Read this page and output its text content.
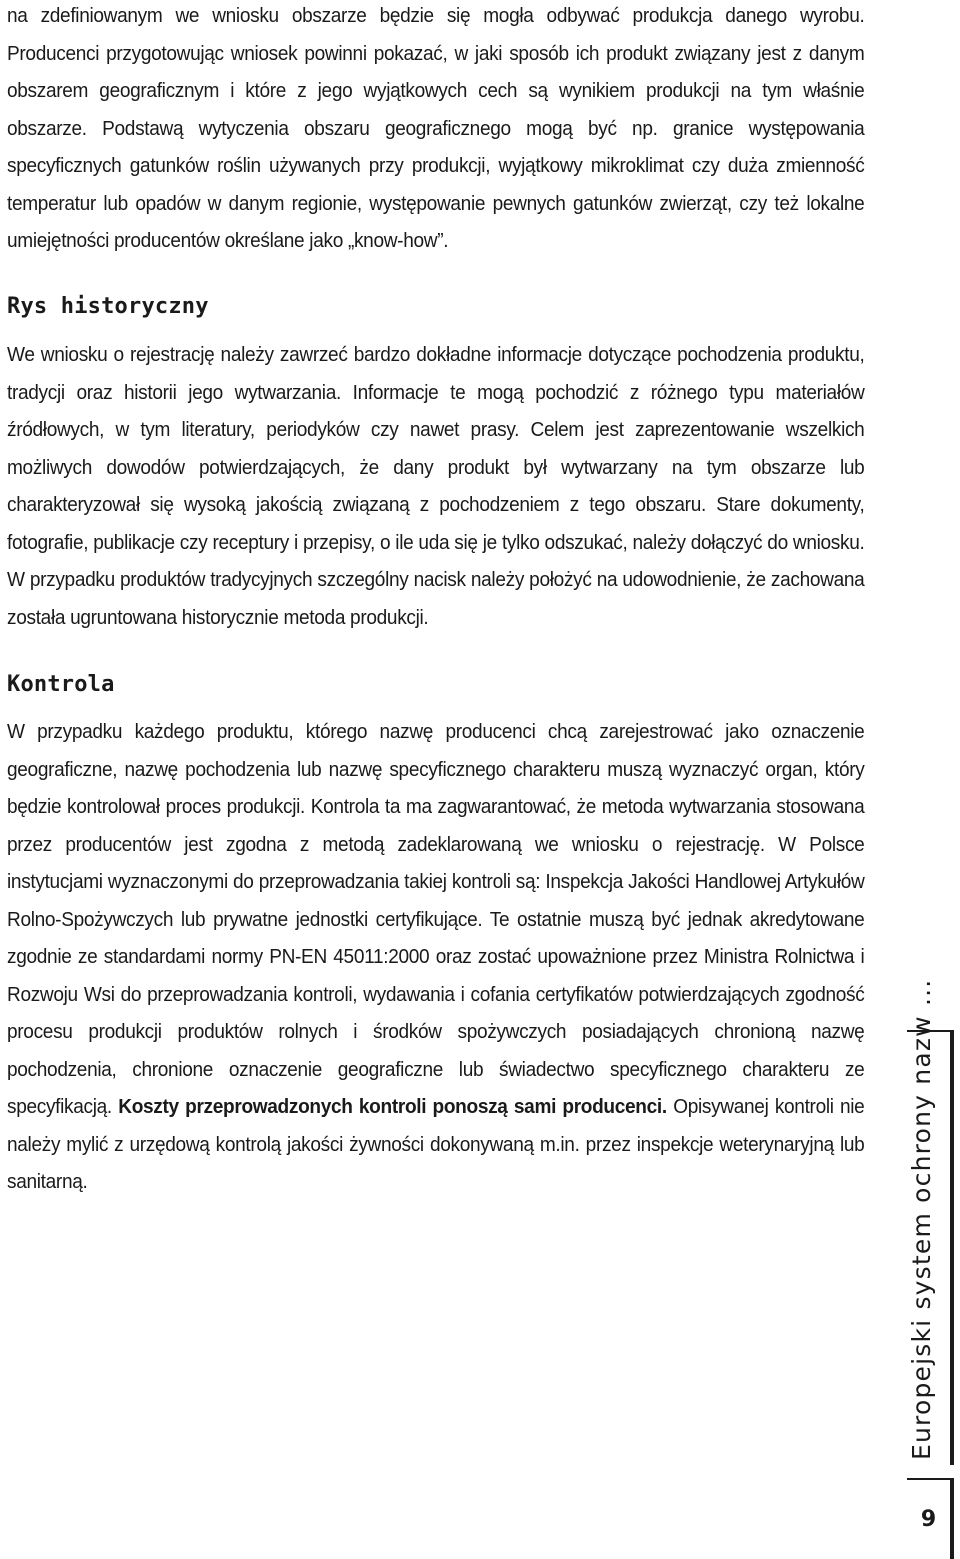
na zdefiniowanym we wniosku obszarze będzie się mogła odbywać produkcja danego wyrobu. Producenci przygotowując wniosek powinni pokazać, w jaki sposób ich produkt związany jest z danym obszarem geograficznym i które z jego wyjątkowych cech są wynikiem produkcji na tym właśnie obszarze. Podstawą wytyczenia obszaru geograficznego mogą być np. granice występowania specyficznych gatunków roślin używanych przy produkcji, wyjątkowy mikroklimat czy duża zmienność temperatur lub opadów w danym regionie, występowanie pewnych gatunków zwierząt, czy też lokalne umiejętności producentów określane jako „know-how”.

Rys historyczny

We wniosku o rejestrację należy zawrzeć bardzo dokładne informacje dotyczące pochodzenia produktu, tradycji oraz historii jego wytwarzania. Informacje te mogą pochodzić z różnego typu materiałów źródłowych, w tym literatury, periodyków czy nawet prasy. Celem jest zaprezentowanie wszelkich możliwych dowodów potwierdzających, że dany produkt był wytwarzany na tym obszarze lub charakteryzował się wysoką jakością związaną z pochodzeniem z tego obszaru. Stare dokumenty, fotografie, publikacje czy receptury i przepisy, o ile uda się je tylko odszukać, należy dołączyć do wniosku. W przypadku produktów tradycyjnych szczególny nacisk należy położyć na udowodnienie, że zachowana została ugruntowana historycznie metoda produkcji.

Kontrola

W przypadku każdego produktu, którego nazwę producenci chcą zarejestrować jako oznaczenie geograficzne, nazwę pochodzenia lub nazwę specyficznego charakteru muszą wyznaczyć organ, który będzie kontrolował proces produkcji. Kontrola ta ma zagwarantować, że metoda wytwarzania stosowana przez producentów jest zgodna z metodą zadeklarowaną we wniosku o rejestrację. W Polsce instytucjami wyznaczonymi do przeprowadzania takiej kontroli są: Inspekcja Jakości Handlowej Artykułów Rolno-Spożywczych lub prywatne jednostki certyfikujące. Te ostatnie muszą być jednak akredytowane zgodnie ze standardami normy PN-EN 45011:2000 oraz zostać upoważnione przez Ministra Rolnictwa i Rozwoju Wsi do przeprowadzania kontroli, wydawania i cofania certyfikatów potwierdzających zgodność procesu produkcji produktów rolnych i środków spożywczych posiadających chronioną nazwę pochodzenia, chronione oznaczenie geograficzne lub świadectwo specyficznego charakteru ze specyfikacją. Koszty przeprowadzonych kontroli ponoszą sami producenci. Opisywanej kontroli nie należy mylić z urzędową kontrolą jakości żywności dokonywaną m.in. przez inspekcje weterynaryjną lub sanitarną.	Europejski system ochrony nazw ...
9
